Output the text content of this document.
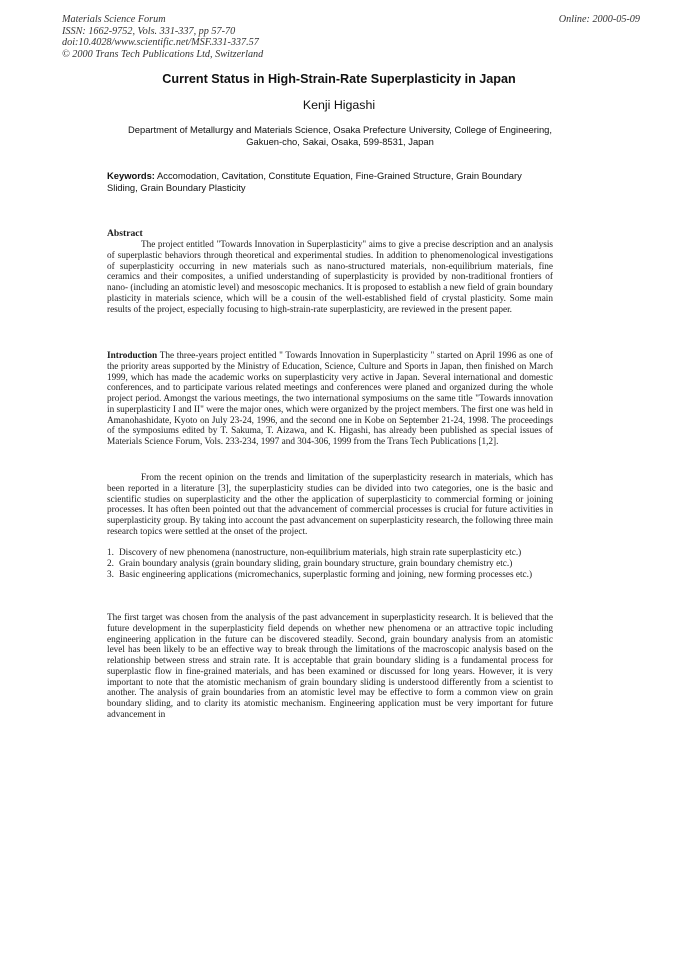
Materials Science Forum
ISSN: 1662-9752, Vols. 331-337, pp 57-70
doi:10.4028/www.scientific.net/MSF.331-337.57
© 2000 Trans Tech Publications Ltd, Switzerland
Online: 2000-05-09
Current Status in High-Strain-Rate Superplasticity in Japan
Kenji Higashi
Department of Metallurgy and Materials Science, Osaka Prefecture University, College of Engineering, Gakuen-cho, Sakai, Osaka, 599-8531, Japan
Keywords: Accomodation, Cavitation, Constitute Equation, Fine-Grained Structure, Grain Boundary Sliding, Grain Boundary Plasticity
Abstract
The project entitled "Towards Innovation in Superplasticity" aims to give a precise description and an analysis of superplastic behaviors through theoretical and experimental studies. In addition to phenomenological investigations of superplasticity occurring in new materials such as nano-structured materials, non-equilibrium materials, fine ceramics and their composites, a unified understanding of superplasticity is provided by non-traditional frontiers of nano- (including an atomistic level) and mesoscopic mechanics. It is proposed to establish a new field of grain boundary plasticity in materials science, which will be a cousin of the well-established field of crystal plasticity. Some main results of the project, especially focusing to high-strain-rate superplasticity, are reviewed in the present paper.
Introduction The three-years project entitled " Towards Innovation in Superplasticity " started on April 1996 as one of the priority areas supported by the Ministry of Education, Science, Culture and Sports in Japan, then finished on March 1999, which has made the academic works on superplasticity very active in Japan. Several international and domestic conferences, and to participate various related meetings and conferences were planed and organized during the whole project period. Amongst the various meetings, the two international symposiums on the same title "Towards innovation in superplasticity I and II" were the major ones, which were organized by the project members. The first one was held in Amanohashidate, Kyoto on July 23-24, 1996, and the second one in Kobe on September 21-24, 1998. The proceedings of the symposiums edited by T. Sakuma, T. Aizawa, and K. Higashi, has already been published as special issues of Materials Science Forum, Vols. 233-234, 1997 and 304-306, 1999 from the Trans Tech Publications [1,2].
From the recent opinion on the trends and limitation of the superplasticity research in materials, which has been reported in a literature [3], the superplasticity studies can be divided into two categories, one is the basic and scientific studies on superplasticity and the other the application of superplasticity to commercial forming or joining processes. It has often been pointed out that the advancement of commercial processes is crucial for future activities in superplasticity group. By taking into account the past advancement on superplasticity research, the following three main research topics were settled at the onset of the project.
1. Discovery of new phenomena (nanostructure, non-equilibrium materials, high strain rate superplasticity etc.)
2. Grain boundary analysis (grain boundary sliding, grain boundary structure, grain boundary chemistry etc.)
3. Basic engineering applications (micromechanics, superplastic forming and joining, new forming processes etc.)
The first target was chosen from the analysis of the past advancement in superplasticity research. It is believed that the future development in the superplasticity field depends on whether new phenomena or an attractive topic including engineering application in the future can be discovered steadily. Second, grain boundary analysis from an atomistic level has been likely to be an effective way to break through the limitations of the macroscopic analysis based on the relationship between stress and strain rate. It is acceptable that grain boundary sliding is a fundamental process for superplastic flow in fine-grained materials, and has been examined or discussed for long years. However, it is very important to note that the atomistic mechanism of grain boundary sliding is understood differently from a scientist to another. The analysis of grain boundaries from an atomistic level may be effective to form a common view on grain boundary sliding, and to clarity its atomistic mechanism. Engineering application must be very important for future advancement in
